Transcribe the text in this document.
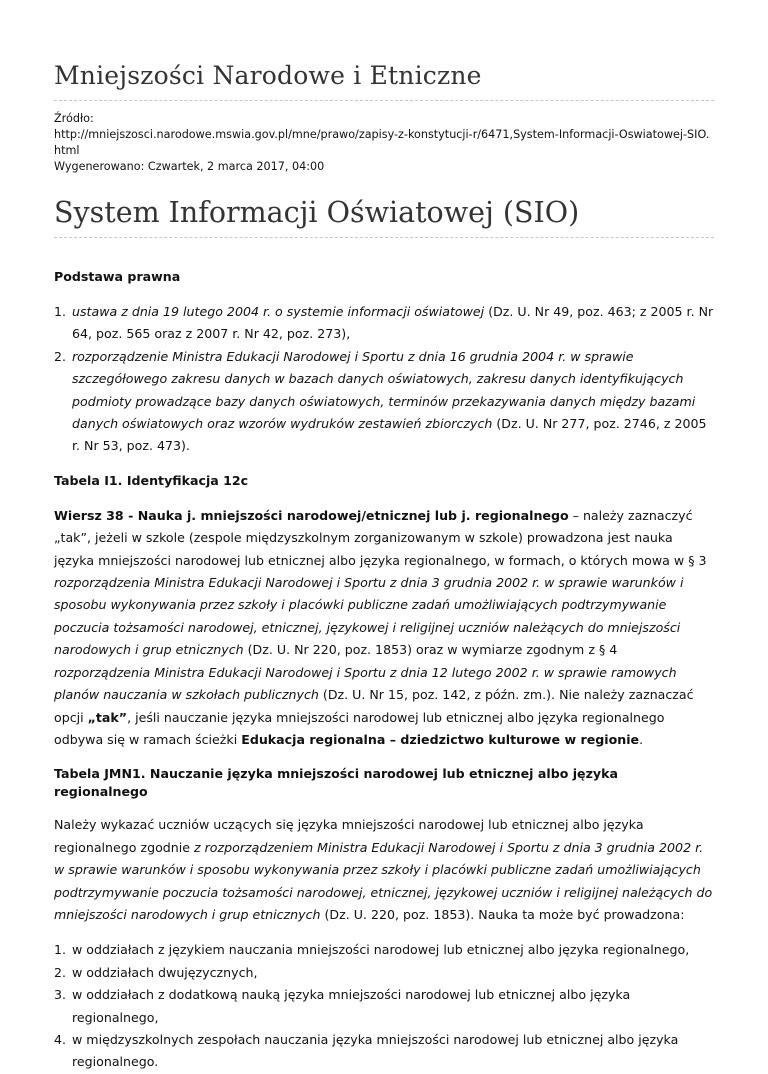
Mniejszości Narodowe i Etniczne
Źródło:
http://mniejszosci.narodowe.mswia.gov.pl/mne/prawo/zapisy-z-konstytucji-r/6471,System-Informacji-Oswiatowej-SIO.html
Wygenerowano: Czwartek, 2 marca 2017, 04:00
System Informacji Oświatowej (SIO)
Podstawa prawna
1. ustawa z dnia 19 lutego 2004 r. o systemie informacji oświatowej (Dz. U. Nr 49, poz. 463; z 2005 r. Nr 64, poz. 565 oraz z 2007 r. Nr 42, poz. 273),
2. rozporządzenie Ministra Edukacji Narodowej i Sportu z dnia 16 grudnia 2004 r. w sprawie szczegółowego zakresu danych w bazach danych oświatowych, zakresu danych identyfikujących podmioty prowadzące bazy danych oświatowych, terminów przekazywania danych między bazami danych oświatowych oraz wzorów wydruków zestawień zbiorczych (Dz. U. Nr 277, poz. 2746, z 2005 r. Nr 53, poz. 473).
Tabela I1. Identyfikacja 12c

Wiersz 38 - Nauka j. mniejszości narodowej/etnicznej lub j. regionalnego – należy zaznaczyć „tak”, jeżeli w szkole (zespole międzyszkolnym zorganizowanym w szkole) prowadzona jest nauka języka mniejszości narodowej lub etnicznej albo języka regionalnego, w formach, o których mowa w § 3 rozporządzenia Ministra Edukacji Narodowej i Sportu z dnia 3 grudnia 2002 r. w sprawie warunków i sposobu wykonywania przez szkoły i placówki publiczne zadań umożliwiających podtrzymywanie poczucia tożsamości narodowej, etnicznej, językowej i religijnej uczniów należących do mniejszości narodowych i grup etnicznych (Dz. U. Nr 220, poz. 1853) oraz w wymiarze zgodnym z § 4 rozporządzenia Ministra Edukacji Narodowej i Sportu z dnia 12 lutego 2002 r. w sprawie ramowych planów nauczania w szkołach publicznych (Dz. U. Nr 15, poz. 142, z późn. zm.). Nie należy zaznaczać opcji „tak”, jeśli nauczanie języka mniejszości narodowej lub etnicznej albo języka regionalnego odbywa się w ramach ścieżki Edukacja regionalna – dziedzictwo kulturowe w regionie.

Tabela JMN1. Nauczanie języka mniejszości narodowej lub etnicznej albo języka regionalnego

Należy wykazać uczniów uczących się języka mniejszości narodowej lub etnicznej albo języka regionalnego zgodnie z rozporządzeniem Ministra Edukacji Narodowej i Sportu z dnia 3 grudnia 2002 r. w sprawie warunków i sposobu wykonywania przez szkoły i placówki publiczne zadań umożliwiających podtrzymywanie poczucia tożsamości narodowej, etnicznej, językowej uczniów i religijnej należących do mniejszości narodowych i grup etnicznych (Dz. U. 220, poz. 1853). Nauka ta może być prowadzona:

1. w oddziałach z językiem nauczania mniejszości narodowej lub etnicznej albo języka regionalnego,
2. w oddziałach dwujęzycznych,
3. w oddziałach z dodatkową nauką języka mniejszości narodowej lub etnicznej albo języka regionalnego,
4. w międzyszkolnych zespołach nauczania języka mniejszości narodowej lub etnicznej albo języka regionalnego.
